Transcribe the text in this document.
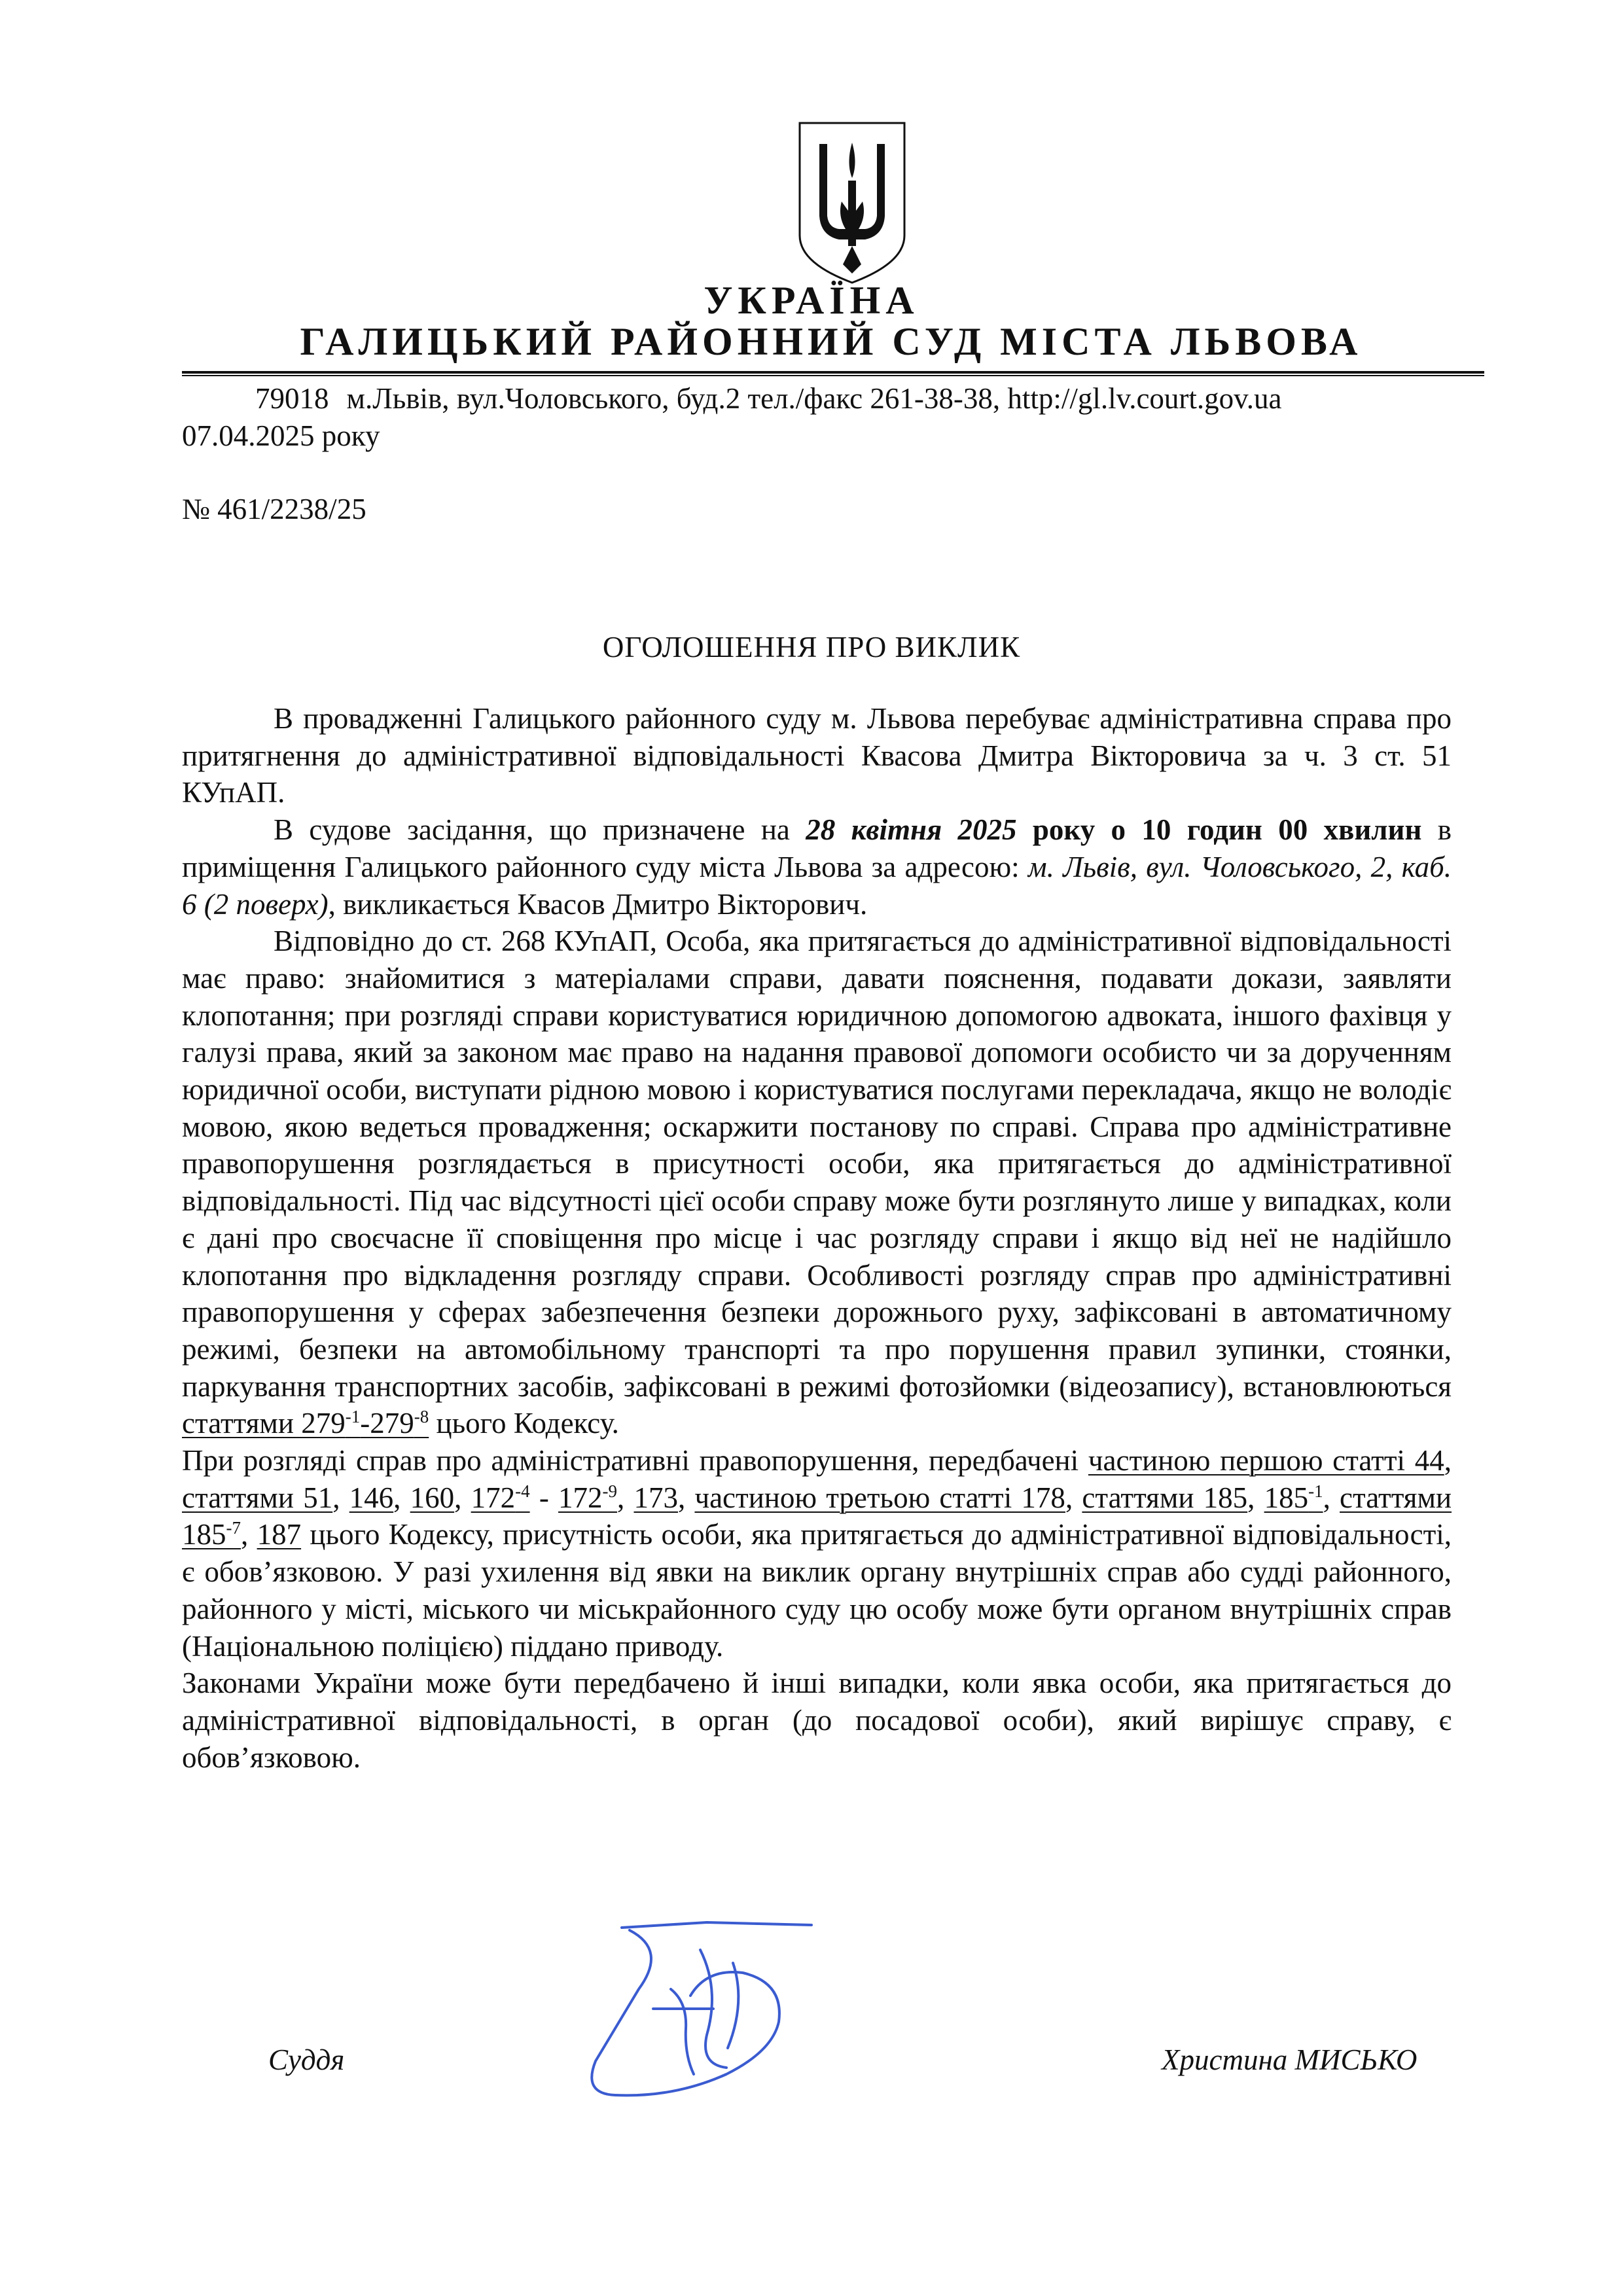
УКРАЇНА
ГАЛИЦЬКИЙ РАЙОННИЙ СУД МІСТА ЛЬВОВА
79018 м.Львів, вул.Чоловського, буд.2 тел./факс 261-38-38, http://gl.lv.court.gov.ua
07.04.2025 року
№ 461/2238/25
ОГОЛОШЕННЯ ПРО ВИКЛИК

В провадженні Галицького районного суду м. Львова перебуває адміністративна справа про притягнення до адміністративної відповідальності Квасова Дмитра Вікторовича за ч. 3 ст. 51 КУпАП.

В судове засідання, що призначене на 28 квітня 2025 року о 10 годин 00 хвилин в приміщення Галицького районного суду міста Львова за адресою: м. Львів, вул. Чоловського, 2, каб. 6 (2 поверх), викликається Квасов Дмитро Вікторович.

Відповідно до ст. 268 КУпАП, Особа, яка притягається до адміністративної відповідальності має право: знайомитися з матеріалами справи, давати пояснення, подавати докази, заявляти клопотання; при розгляді справи користуватися юридичною допомогою адвоката, іншого фахівця у галузі права, який за законом має право на надання правової допомоги особисто чи за дорученням юридичної особи, виступати рідною мовою і користуватися послугами перекладача, якщо не володіє мовою, якою ведеться провадження; оскаржити постанову по справі. Справа про адміністративне правопорушення розглядається в присутності особи, яка притягається до адміністративної відповідальності. Під час відсутності цієї особи справу може бути розглянуто лише у випадках, коли є дані про своєчасне її сповіщення про місце і час розгляду справи і якщо від неї не надійшло клопотання про відкладення розгляду справи. Особливості розгляду справ про адміністративні правопорушення у сферах забезпечення безпеки дорожнього руху, зафіксовані в автоматичному режимі, безпеки на автомобільному транспорті та про порушення правил зупинки, стоянки, паркування транспортних засобів, зафіксовані в режимі фотозйомки (відеозапису), встановлюються статтями $279^{-1}-279^{-8}$ цього Кодексу.

При розгляді справ про адміністративні правопорушення, передбачені частиною першою статті 44, статтями 51, 146, 160, $172^{-4} - 172^{-9}$, 173, частиною третьою статті 178, статтями 185, $185^{-1}$, статтями $185^{-7}$, 187 цього Кодексу, присутність особи, яка притягається до адміністративної відповідальності, є обов’язковою. У разі ухилення від явки на виклик органу внутрішніх справ або судді районного, районного у місті, міського чи міськрайонного суду цю особу може бути органом внутрішніх справ (Національною поліцією) піддано приводу.

Законами України може бути передбачено й інші випадки, коли явка особи, яка притягається до адміністративної відповідальності, в орган (до посадової особи), який вирішує справу, є обов’язковою.

Суддя	Христина МИСЬКО
